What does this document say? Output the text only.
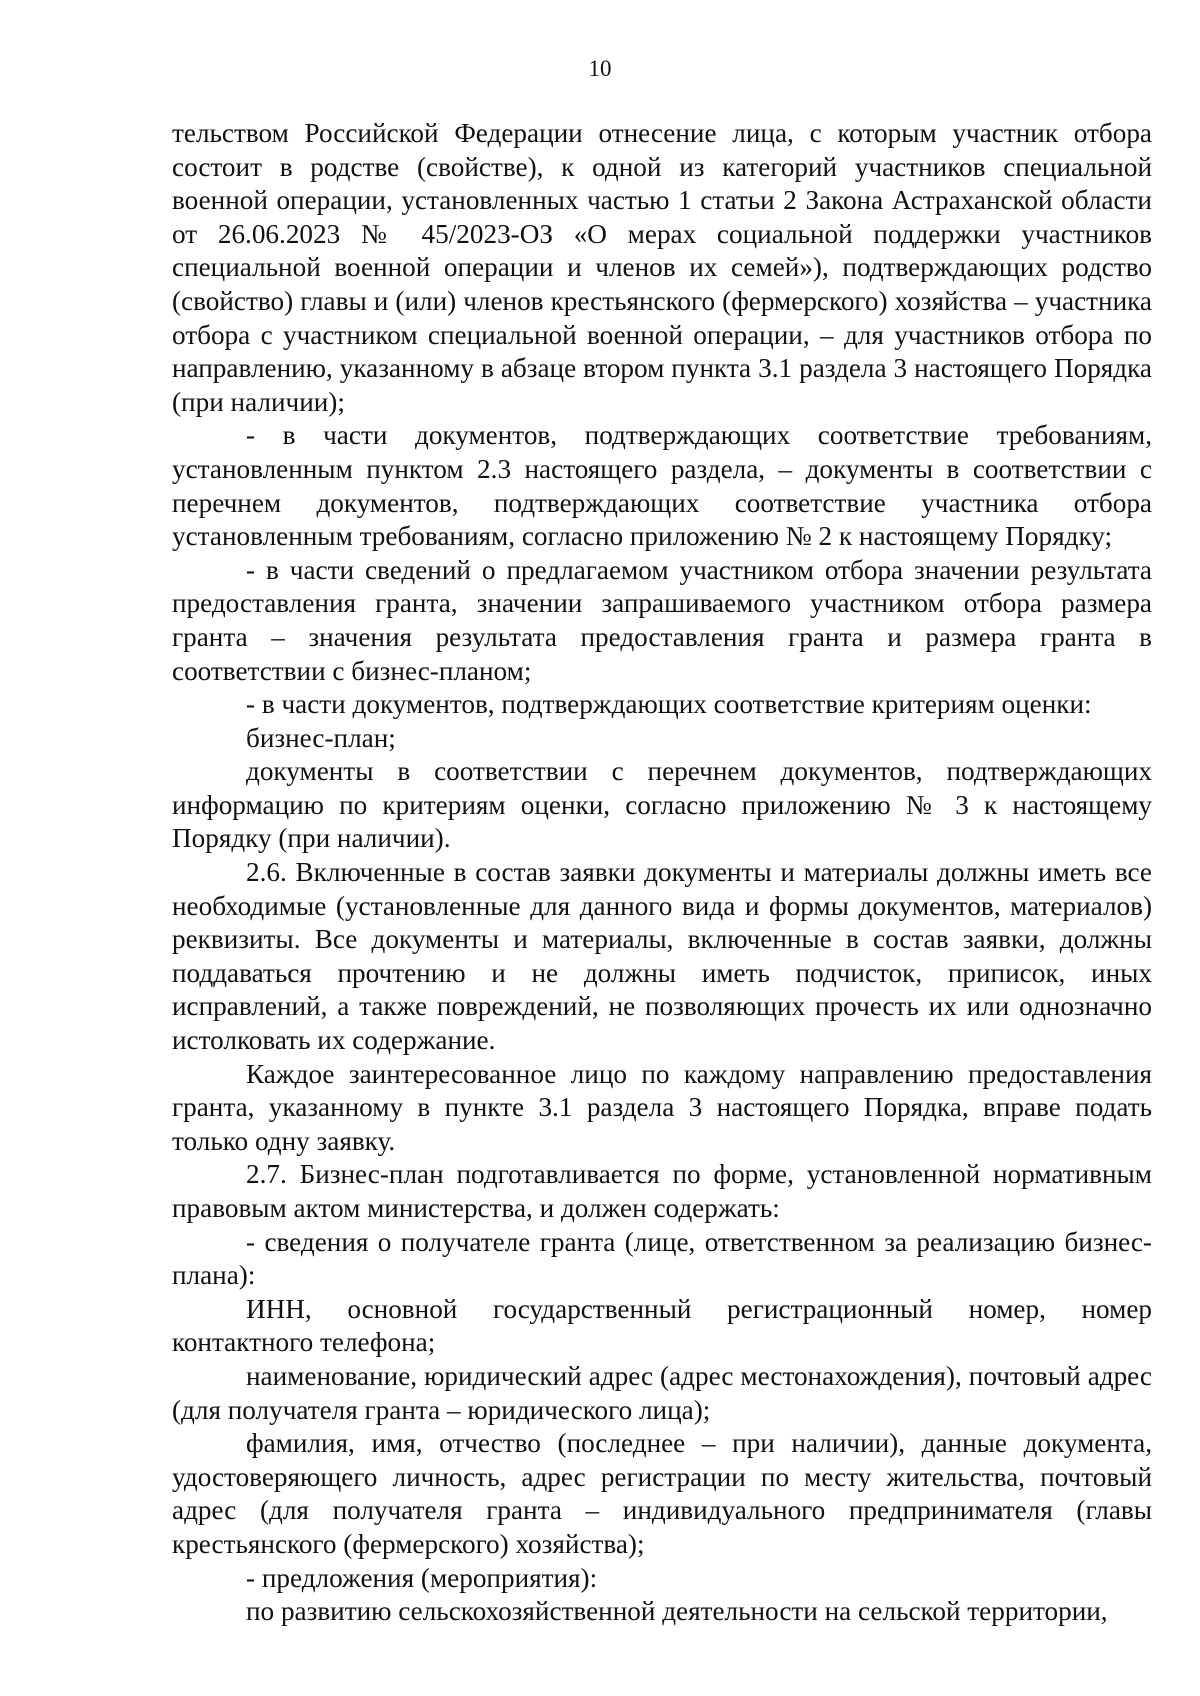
10

тельством Российской Федерации отнесение лица, с которым участник отбора состоит в родстве (свойстве), к одной из категорий участников специальной военной операции, установленных частью 1 статьи 2 Закона Астраханской области от 26.06.2023 № 45/2023-ОЗ «О мерах социальной поддержки участников специальной военной операции и членов их семей»), подтверждающих родство (свойство) главы и (или) членов крестьянского (фермерского) хозяйства – участника отбора с участником специальной военной операции, – для участников отбора по направлению, указанному в абзаце втором пункта 3.1 раздела 3 настоящего Порядка (при наличии);

- в части документов, подтверждающих соответствие требованиям, установленным пунктом 2.3 настоящего раздела, – документы в соответствии с перечнем документов, подтверждающих соответствие участника отбора установленным требованиям, согласно приложению № 2 к настоящему Порядку;

- в части сведений о предлагаемом участником отбора значении результата предоставления гранта, значении запрашиваемого участником отбора размера гранта – значения результата предоставления гранта и размера гранта в соответствии с бизнес-планом;

- в части документов, подтверждающих соответствие критериям оценки:

бизнес-план;

документы в соответствии с перечнем документов, подтверждающих информацию по критериям оценки, согласно приложению № 3 к настоящему Порядку (при наличии).

2.6. Включенные в состав заявки документы и материалы должны иметь все необходимые (установленные для данного вида и формы документов, материалов) реквизиты. Все документы и материалы, включенные в состав заявки, должны поддаваться прочтению и не должны иметь подчисток, приписок, иных исправлений, а также повреждений, не позволяющих прочесть их или однозначно истолковать их содержание.

Каждое заинтересованное лицо по каждому направлению предоставления гранта, указанному в пункте 3.1 раздела 3 настоящего Порядка, вправе подать только одну заявку.

2.7. Бизнес-план подготавливается по форме, установленной нормативным правовым актом министерства, и должен содержать:

- сведения о получателе гранта (лице, ответственном за реализацию бизнес-плана):

ИНН, основной государственный регистрационный номер, номер контактного телефона;

наименование, юридический адрес (адрес местонахождения), почтовый адрес (для получателя гранта – юридического лица);

фамилия, имя, отчество (последнее – при наличии), данные документа, удостоверяющего личность, адрес регистрации по месту жительства, почтовый адрес (для получателя гранта – индивидуального предпринимателя (главы крестьянского (фермерского) хозяйства);

- предложения (мероприятия):

по развитию сельскохозяйственной деятельности на сельской территории,
